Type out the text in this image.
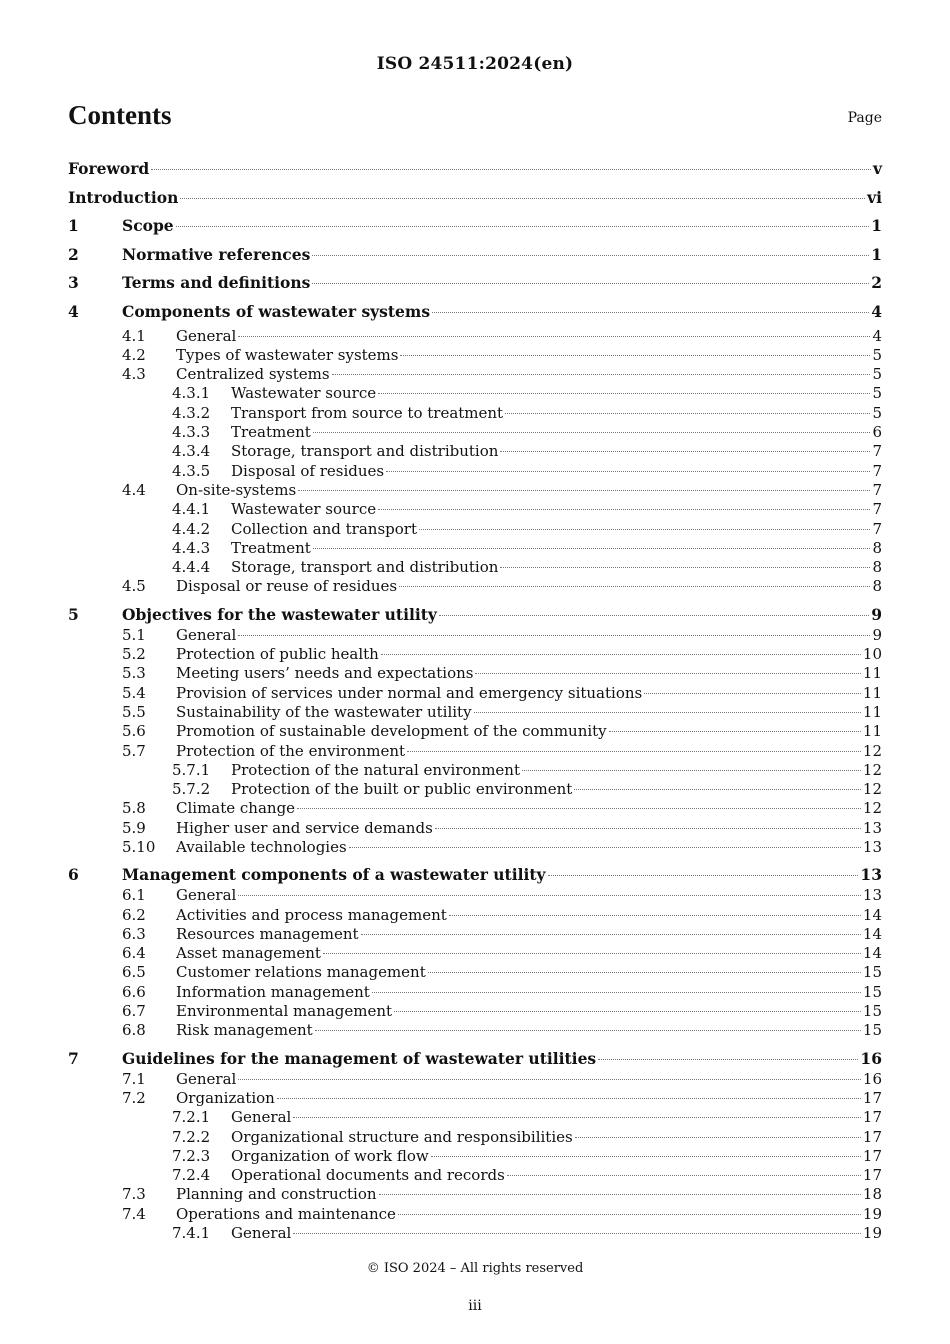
ISO 24511:2024(en)
Contents	Page
Foreword	v
Introduction	vi
1	Scope	1
2	Normative references	1
3	Terms and definitions	2
4	Components of wastewater systems	4
4.1	General	4
4.2	Types of wastewater systems	5
4.3	Centralized systems	5
4.3.1	Wastewater source	5
4.3.2	Transport from source to treatment	5
4.3.3	Treatment	6
4.3.4	Storage, transport and distribution	7
4.3.5	Disposal of residues	7
4.4	On-site-systems	7
4.4.1	Wastewater source	7
4.4.2	Collection and transport	7
4.4.3	Treatment	8
4.4.4	Storage, transport and distribution	8
4.5	Disposal or reuse of residues	8
5	Objectives for the wastewater utility	9
5.1	General	9
5.2	Protection of public health	10
5.3	Meeting users’ needs and expectations	11
5.4	Provision of services under normal and emergency situations	11
5.5	Sustainability of the wastewater utility	11
5.6	Promotion of sustainable development of the community	11
5.7	Protection of the environment	12
5.7.1	Protection of the natural environment	12
5.7.2	Protection of the built or public environment	12
5.8	Climate change	12
5.9	Higher user and service demands	13
5.10	Available technologies	13
6	Management components of a wastewater utility	13
6.1	General	13
6.2	Activities and process management	14
6.3	Resources management	14
6.4	Asset management	14
6.5	Customer relations management	15
6.6	Information management	15
6.7	Environmental management	15
6.8	Risk management	15
7	Guidelines for the management of wastewater utilities	16
7.1	General	16
7.2	Organization	17
7.2.1	General	17
7.2.2	Organizational structure and responsibilities	17
7.2.3	Organization of work flow	17
7.2.4	Operational documents and records	17
7.3	Planning and construction	18
7.4	Operations and maintenance	19
7.4.1	General	19
© ISO 2024 – All rights reserved
iii
